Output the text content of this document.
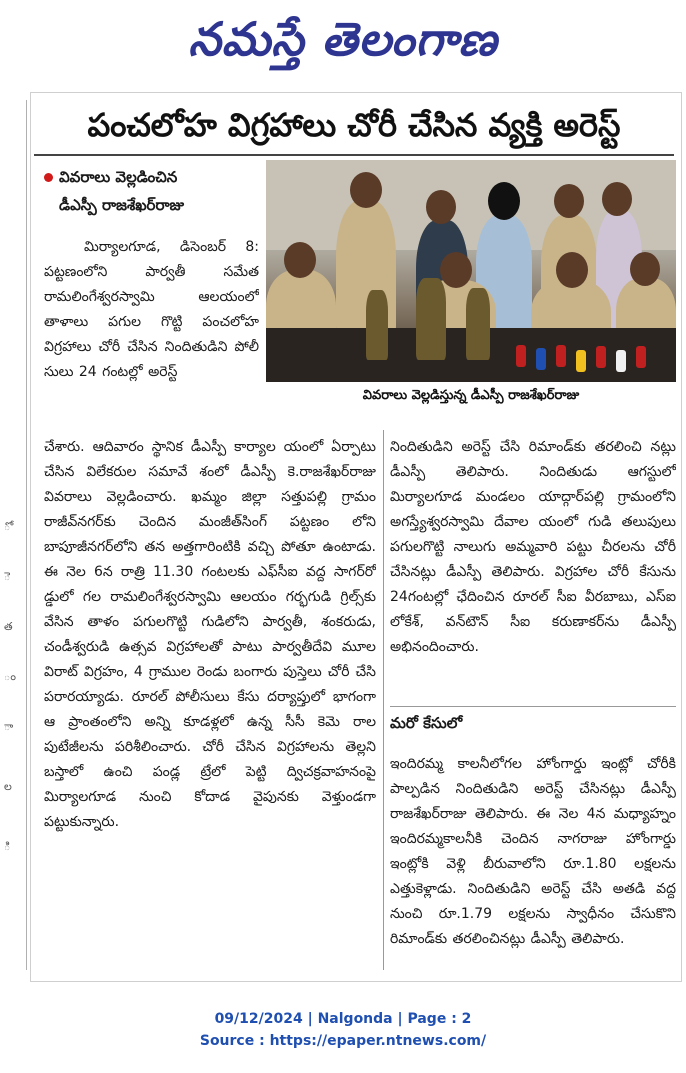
నమస్తే తెలంగాణ
ో
ె
త
ం
ా
ల
ి
పంచలోహ విగ్రహాలు చోరీ చేసిన వ్యక్తి అరెస్ట్
వివరాలు వెల్లడించిన
డీఎస్పీ రాజశేఖర్‌రాజు
వివరాలు వెల్లడిస్తున్న డీఎస్పీ రాజశేఖర్‌రాజు

మిర్యాలగూడ, డిసెంబర్ 8: పట్టణంలోని పార్వతీ సమేత రామలింగేశ్వరస్వామి ఆలయంలో తాళాలు పగుల గొట్టి పంచలోహ విగ్రహాలు చోరీ చేసిన నిందితుడిని పోలీ సులు 24 గంటల్లో అరెస్ట్

చేశారు. ఆదివారం స్థానిక డీఎస్పీ కార్యాల యంలో ఏర్పాటు చేసిన విలేకరుల సమావే శంలో డీఎస్పీ కె.రాజశేఖర్‌రాజు వివరాలు వెల్లడించారు. ఖమ్మం జిల్లా సత్తుపల్లి గ్రామం రాజీవ్‌నగర్‌కు చెందిన మంజీత్‌సింగ్ పట్టణం లోని బాపూజీనగర్‌లోని తన అత్తగారింటికి వచ్చి పోతూ ఉంటాడు. ఈ నెల 6న రాత్రి 11.30 గంటలకు ఎఫ్‌సీఐ వద్ద సాగర్‌రో డ్డులో గల రామలింగేశ్వరస్వామి ఆలయం గర్భగుడి గ్రిల్స్‌కు వేసిన తాళం పగులగొట్టి గుడిలోని పార్వతీ, శంకరుడు, చండీశ్వరుడి ఉత్సవ విగ్రహాలతో పాటు పార్వతీదేవి మూల విరాట్ విగ్రహం, 4 గ్రాముల రెండు బంగారు పుస్తెలు చోరీ చేసి పరారయ్యాడు. రూరల్ పోలీసులు కేసు దర్యాప్తులో భాగంగా ఆ ప్రాంతంలోని అన్ని కూడళ్లలో ఉన్న సీసీ కెమె రాల పుటేజీలను పరిశీలించారు. చోరీ చేసిన విగ్రహాలను తెల్లని బస్తాలో ఉంచి పండ్ల ట్రేలో పెట్టి ద్విచక్రవాహనంపై మిర్యాలగూడ నుంచి కోదాడ వైపునకు వెళ్తుండగా పట్టుకున్నారు.

నిందితుడిని అరెస్ట్ చేసి రిమాండ్‌కు తరలించి నట్లు డీఎస్పీ తెలిపారు. నిందితుడు ఆగస్టులో మిర్యాలగూడ మండలం యాద్గార్‌పల్లి గ్రామంలోని అగస్త్యేశ్వరస్వామి దేవాల యంలో గుడి తలుపులు పగులగొట్టి నాలుగు అమ్మవారి పట్టు చీరలను చోరీ చేసినట్లు డీఎస్పీ తెలిపారు. విగ్రహాల చోరీ కేసును 24గంటల్లో ఛేదించిన రూరల్ సీఐ వీరబాబు, ఎస్ఐ లోకేశ్, వన్‌టౌన్ సీఐ కరుణాకర్‌ను డీఎస్పీ అభినందించారు.

మరో కేసులో

ఇందిరమ్మ కాలనీలోగల హోంగార్డు ఇంట్లో చోరీకి పాల్పడిన నిందితుడిని అరెస్ట్ చేసినట్లు డీఎస్పీ రాజశేఖర్‌రాజు తెలిపారు. ఈ నెల 4న మధ్యాహ్నం ఇందిరమ్మకాలనీకి చెందిన నాగరాజు హోంగార్డు ఇంట్లోకి వెళ్లి బీరువాలోని రూ.1.80 లక్షలను ఎత్తుకెళ్లాడు. నిందితుడిని అరెస్ట్ చేసి అతడి వద్ద నుంచి రూ.1.79 లక్షలను స్వాధీనం చేసుకొని రిమాండ్‌కు తరలించినట్లు డీఎస్పీ తెలిపారు.

09/12/2024 | Nalgonda | Page : 2
Source : https://epaper.ntnews.com/
